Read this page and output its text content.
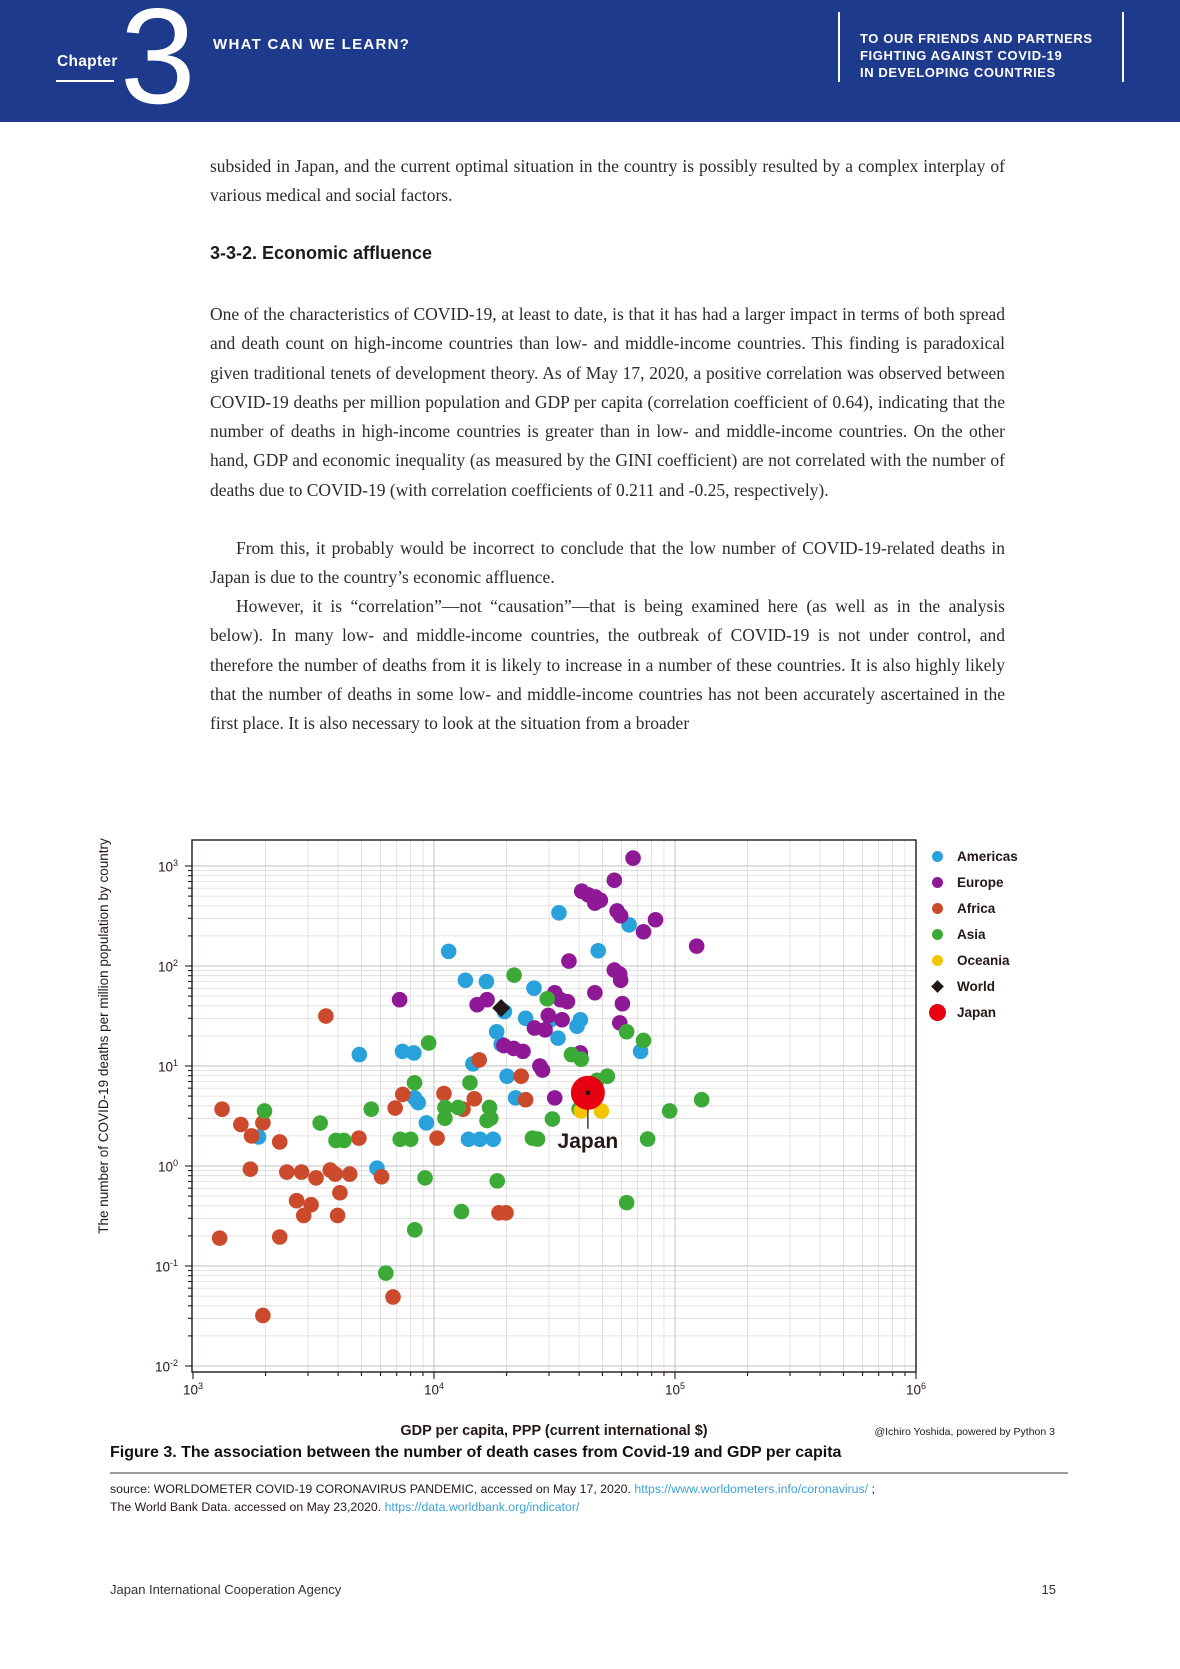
Chapter 3 WHAT CAN WE LEARN?	TO OUR FRIENDS AND PARTNERS
FIGHTING AGAINST COVID-19
IN DEVELOPING COUNTRIES

subsided in Japan, and the current optimal situation in the country is possibly resulted by a complex interplay of various medical and social factors.

3-3-2. Economic affluence

One of the characteristics of COVID-19, at least to date, is that it has had a larger impact in terms of both spread and death count on high-income countries than low- and middle-income countries. This finding is paradoxical given traditional tenets of development theory. As of May 17, 2020, a positive correlation was observed between COVID-19 deaths per million population and GDP per capita (correlation coefficient of 0.64), indicating that the number of deaths in high-income countries is greater than in low- and middle-income countries. On the other hand, GDP and economic inequality (as measured by the GINI coefficient) are not correlated with the number of deaths due to COVID-19 (with correlation coefficients of 0.211 and -0.25, respectively).

From this, it probably would be incorrect to conclude that the low number of COVID-19-related deaths in Japan is due to the country’s economic affluence.

However, it is “correlation”—not “causation”—that is being examined here (as well as in the analysis below). In many low- and middle-income countries, the outbreak of COVID-19 is not under control, and therefore the number of deaths from it is likely to increase in a number of these countries. It is also highly likely that the number of deaths in some low- and middle-income countries has not been accurately ascertained in the first place. It is also necessary to look at the situation from a broader

The number of COVID-19 deaths per million population by country
$10^3$	$10^4$	$10^5$	$10^6$
$10^3$
$10^2$
$10^1$
$10^0$
$10^{-1}$
$10^{-2}$
GDP per capita, PPP (current international $)	@Ichiro Yoshida, powered by Python 3
Japan
Americas
Europe
Africa
Asia
Oceania
World
Japan
Figure 3. The association between the number of death cases from Covid-19 and GDP per capita
source: WORLDOMETER COVID-19 CORONAVIRUS PANDEMIC, accessed on May 17, 2020. https://www.worldometers.info/coronavirus/ ;
The World Bank Data. accessed on May 23,2020. https://data.worldbank.org/indicator/
Japan International Cooperation Agency	15
